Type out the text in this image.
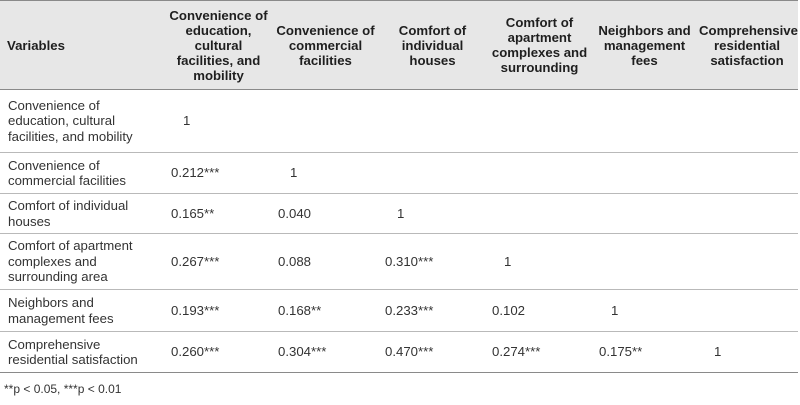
Variables	Convenience of education, cultural facilities, and mobility	Convenience of commercial facilities	Comfort of individual houses	Comfort of apartment complexes and surrounding	Neighbors and management fees	Comprehensive residential satisfaction
Convenience of education, cultural facilities, and mobility	1					
Convenience of commercial facilities	0.212***	1				
Comfort of individual houses	0.165**	0.040	1			
Comfort of apartment complexes and surrounding area	0.267***	0.088	0.310***	1		
Neighbors and management fees	0.193***	0.168**	0.233***	0.102	1	
Comprehensive residential satisfaction	0.260***	0.304***	0.470***	0.274***	0.175**	1
**p < 0.05, ***p < 0.01
